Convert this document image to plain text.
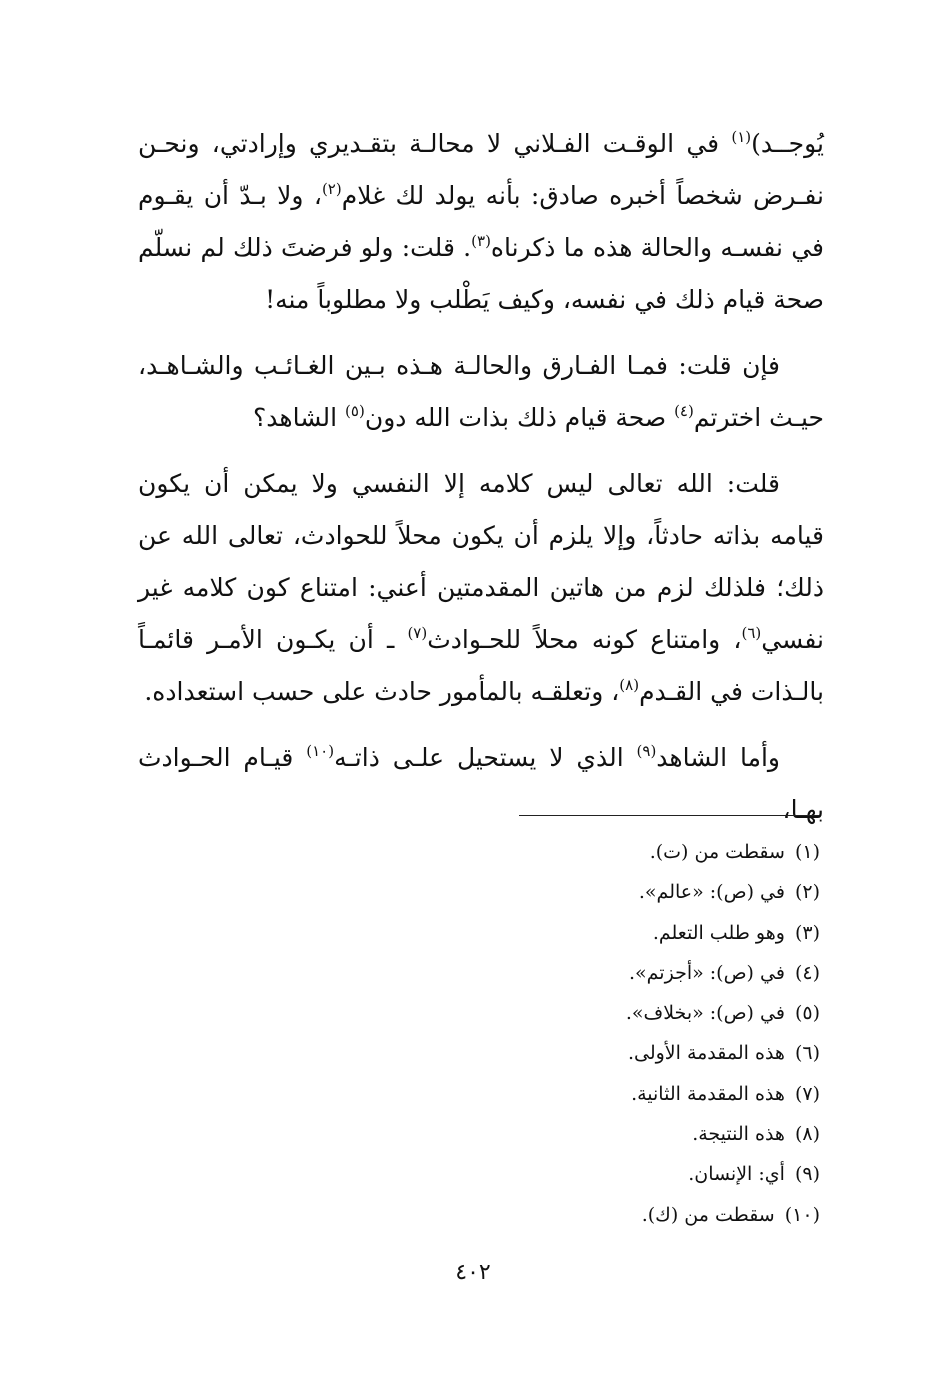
يُوجــد)$^{(١)}$ في الوقـت الفـلاني لا محالـة بتقـديري وإرادتي، ونحـن نفـرض شخصاً أخبره صادق: بأنه يولد لك غلام$^{(٢)}$، ولا بـدّ أن يقـوم في نفسـه والحالة هذه ما ذكرناه$^{(٣)}$. قلت: ولو فرضتَ ذلك لم نسلّم صحة قيام ذلك في نفسه، وكيف يَطْلب ولا مطلوباً منه!

فإن قلت: فمـا الفـارق والحالـة هـذه بـين الغـائـب والشـاهـد، حيـث اخترتم$^{(٤)}$ صحة قيام ذلك بذات الله دون$^{(٥)}$ الشاهد؟

قلت: الله تعالى ليس كلامه إلا النفسي ولا يمكن أن يكون قيامه بذاته حادثاً، وإلا يلزم أن يكون محلاً للحوادث، تعالى الله عن ذلك؛ فلذلك لزم من هاتين المقدمتين أعني: امتناع كون كلامه غير نفسي$^{(٦)}$، وامتناع كونه محلاً للحـوادث$^{(٧)}$ ـ أن يكـون الأمـر قائمـاً بالـذات في القـدم$^{(٨)}$، وتعلقـه بالمأمور حادث على حسب استعداده.

وأما الشاهد$^{(٩)}$ الذي لا يستحيل علـى ذاتـه$^{(١٠)}$ قيـام الحـوادث بهـا،

(١)سقطت من (ت).
(٢)في (ص): «عالم».
(٣)وهو طلب التعلم.
(٤)في (ص): «أجزتم».
(٥)في (ص): «بخلاف».
(٦)هذه المقدمة الأولى.
(٧)هذه المقدمة الثانية.
(٨)هذه النتيجة.
(٩)أي: الإنسان.
(١٠)سقطت من (ك).
٤٠٢
